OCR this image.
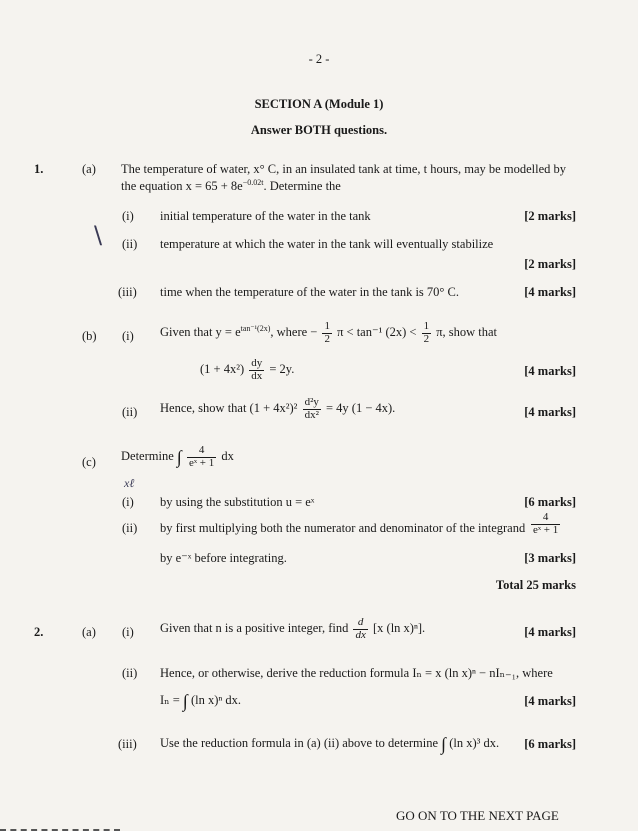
- 2 -
SECTION A (Module 1)
Answer BOTH questions.
1.	(a) The temperature of water, x° C, in an insulated tank at time, t hours, may be modelled by
the equation $x = 65 + 8e^{-0.02t}$. Determine the
(i) initial temperature of the water in the tank	[2 marks]
\ (ii) temperature at which the water in the tank will eventually stabilize
[2 marks]
(iii) time when the temperature of the water in the tank is 70° C.	[4 marks]
(b) (i) Given that $y = e^{tan^{-1}(2x)}$, where − $\frac{1}{2}$ π < tan⁻¹ $(2x) < \frac{1}{2} \pi$, show that
$(1 + 4x^2) \frac{dy}{dx} = 2y$.	[4 marks]
(ii) Hence, show that $(1 + 4x^2)^2 \frac{\text{d²y}}{\text{dx²}} = 4y$ (1 − 4x).	[4 marks]
(c) Determine ∫ $\frac{4}{\text{eˣ + 1}}$ dx
xℓ
(i) by using the substitution u = eˣ	[6 marks]
(ii) by first multiplying both the numerator and denominator of the integrand $\frac{4}{\text{eˣ + 1}}$
by e⁻ˣ before integrating.	[3 marks]
Total 25 marks
2.	(a) (i) Given that n is a positive integer, find $\frac{d}{dx} [x$ (ln x)ⁿ].	[4 marks]
(ii) Hence, or otherwise, derive the reduction formula Iₙ = x (ln x)ⁿ − nIₙ₋₁, where
Iₙ = ∫ (ln x)ⁿ dx.	[4 marks]
(iii) Use the reduction formula in (a) (ii) above to determine ∫ (ln x)³ dx. [6 marks]
GO ON TO THE NEXT PAGE
